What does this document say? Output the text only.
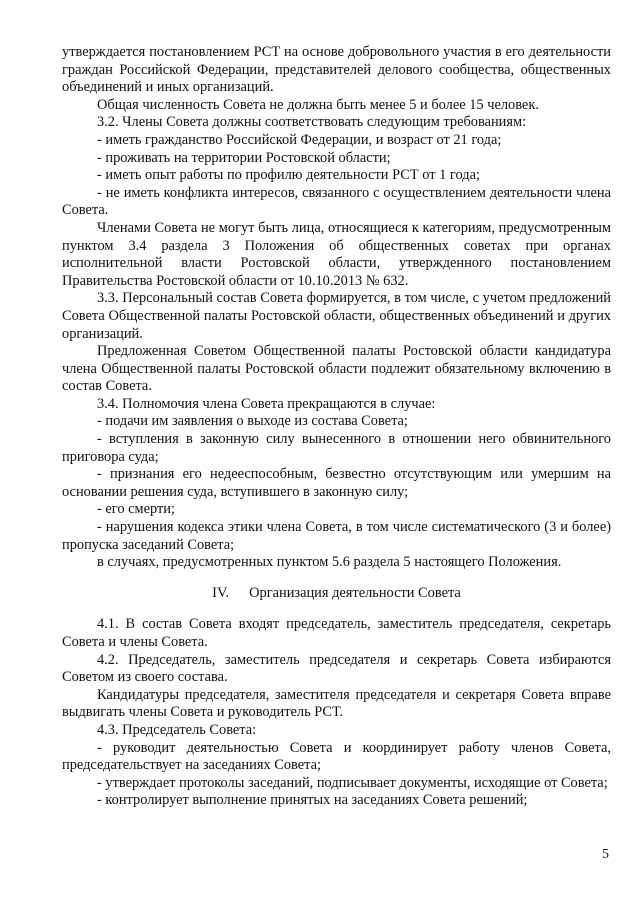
утверждается постановлением РСТ на основе добровольного участия в его деятельности граждан Российской Федерации, представителей делового сообщества, общественных объединений и иных организаций.

Общая численность Совета не должна быть менее 5 и более 15 человек.

3.2. Члены Совета должны соответствовать следующим требованиям:

- иметь гражданство Российской Федерации, и возраст от 21 года;

- проживать на территории Ростовской области;

- иметь опыт работы по профилю деятельности РСТ от 1 года;

- не иметь конфликта интересов, связанного с осуществлением деятельности члена Совета.

Членами Совета не могут быть лица, относящиеся к категориям, предусмотренным пунктом 3.4 раздела 3 Положения об общественных советах при органах исполнительной власти Ростовской области, утвержденного постановлением Правительства Ростовской области от 10.10.2013 № 632.

3.3. Персональный состав Совета формируется, в том числе, с учетом предложений Совета Общественной палаты Ростовской области, общественных объединений и других организаций.

Предложенная Советом Общественной палаты Ростовской области кандидатура члена Общественной палаты Ростовской области подлежит обязательному включению в состав Совета.

3.4. Полномочия члена Совета прекращаются в случае:

- подачи им заявления о выходе из состава Совета;

- вступления в законную силу вынесенного в отношении него обвинительного приговора суда;

- признания его недееспособным, безвестно отсутствующим или умершим на основании решения суда, вступившего в законную силу;

- его смерти;

- нарушения кодекса этики члена Совета, в том числе систематического (3 и более) пропуска заседаний Совета;

в случаях, предусмотренных пунктом 5.6 раздела 5 настоящего Положения.

IV. Организация деятельности Совета

4.1. В состав Совета входят председатель, заместитель председателя, секретарь Совета и члены Совета.

4.2. Председатель, заместитель председателя и секретарь Совета избираются Советом из своего состава.

Кандидатуры председателя, заместителя председателя и секретаря Совета вправе выдвигать члены Совета и руководитель РСТ.

4.3. Председатель Совета:

- руководит деятельностью Совета и координирует работу членов Совета, председательствует на заседаниях Совета;

- утверждает протоколы заседаний, подписывает документы, исходящие от Совета;

- контролирует выполнение принятых на заседаниях Совета решений;

5
